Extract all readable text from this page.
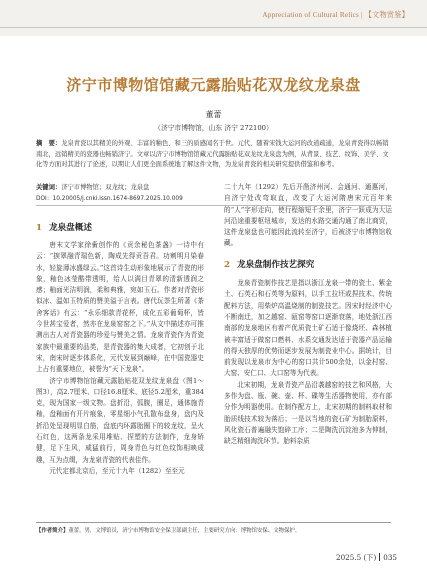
Appreciation of Cultural Relics | 【文物赏鉴】
济宁市博物馆馆藏元露胎贴花双龙纹龙泉盘
董蕾
（济宁市博物馆，山东 济宁 272100）
摘　要：龙泉青瓷以其精美的外观、丰富的釉色、和三的质感闻名于世。元代，随着宋钱大运河的改道疏通，龙泉青瓷得以畅销南北，远销精美的瓷器也畅销济宁。文章以济宁市博物馆馆藏元代露胎贴花双龙纹龙泉盘为例，从背景、技艺、纹饰、美学、文化等方面对其进行了论述，以期让人们更全面系统地了解这件文物，为龙泉青瓷的相关研究提供借鉴和参考。
关键词：济宁市博物馆；双龙纹；龙泉盘
DOI：10.20005/j.cnki.issn.1674-8697.2025.10.009
1 龙泉盘概述

唐末文学家徐夤创作的《贡余秘色茶盏》一诗中有云：“捩翠融青瑞色新，陶成先得贡吾君。功剜明月染春水，轻旋薄冰盛绿云。”这首诗生动形象地展示了青瓷的形象，釉色冰莹酷带透明，给人以满目青翠的清新透润之感；釉面光洁明润，柔和典雅，宛如玉石。作者对青瓷形似冰、温如玉特质的赞美溢于言表。唐代玩荼生所著《茶舍客话》有云：“永乐细款青花杯，成化五彩葡萄杯，皆今世甚宝爱者，然亦在龙泉窑窑之下。”从文中描述亦可推测出古人对青瓷器的珍爱与赞美之情。龙泉青瓷作为青瓷家族中最重要的品类，是青瓷器的集大成者，它初创于北宋，南宋时逐步体系化，元代发展到巅峰，在中国瓷器史上占有重要地位，被誉为“天下龙泉”。

济宁市博物馆馆藏元露胎贴花双龙纹龙泉盘（图1～图3），高2.7厘米、口径16.8厘米、底径5.2厘米，重384克，现为国家一级文物。盘折沿，弧腹，圈足，通体施青釉，盘釉面有开片痕象，零星细小气孔散布盘身，盘内及折沿处呈现明显白筋，盘底内环露胎圈下的较龙纹，呈火石红色，这两条龙采用堆贴、捏塑的方法制作，龙身矫健，足下生风，威猛前行，周身青色与红色纹饰相映成趣，互为点缀，为龙泉青瓷的代表佳作。

元代定都北京后，至元十九年（1282）至至元

二十九年（1292）先后开凿济州河、会通河、通惠河，自济宁处改弯取直，改变了大运河隋唐宋元百年来的“人”字形走向，使行程缩短千余里，济宁一跃成为大运河沿途重要枢纽城市，发达的水路交通沟通了南北商贸，这件龙泉盘也可能因此流转至济宁，后被济宁市博物馆收藏。

2 龙泉盘制作技艺探究

龙泉青瓷制作技艺是指以浙江龙泉一带的瓷土、紫金土、石英石和石英等为原料，以手工拉坯或捏技术、传统配料方法，用柴炉高温烧制的制瓷技艺。因宋时经济中心不断南迁，加之越窑、瓯窑等窑口逐渐衰落，地处浙江西南部的龙泉地区有着产优质瓷土矿石适于像烧坯、森林植被丰富适于做窑口燃料、水系交通发达适于瓷器产品运输的得天独厚的优势而逐步发展为制瓷业中心。据统计，目前发现以龙泉市为中心的窑口共计500余处，以金村窑、大窑、安仁口、大口窑等为代表。

北宋初期，龙泉青瓷产品沿袭越窑的技艺和风格，大多作为盘、瓶、碗、壶、杯、碟等生活器物使用，亦有部分作为明器使用。在制作配方上，北宋初期的制料取材和胎质线技术较为落后；一是以当地的瓷石矿为制胎原料，风化瓷石普遍融失饱碎工序；二是陶洗沉淀池多为伸制，缺乏精细淘洗环节。胎料杂质

【作者简介】董蕾，男，文博馆员，济宁市博物馆安全保卫部副主任，主要研究方向：博物馆安保、文物保护。
2025.5 (下) 035
